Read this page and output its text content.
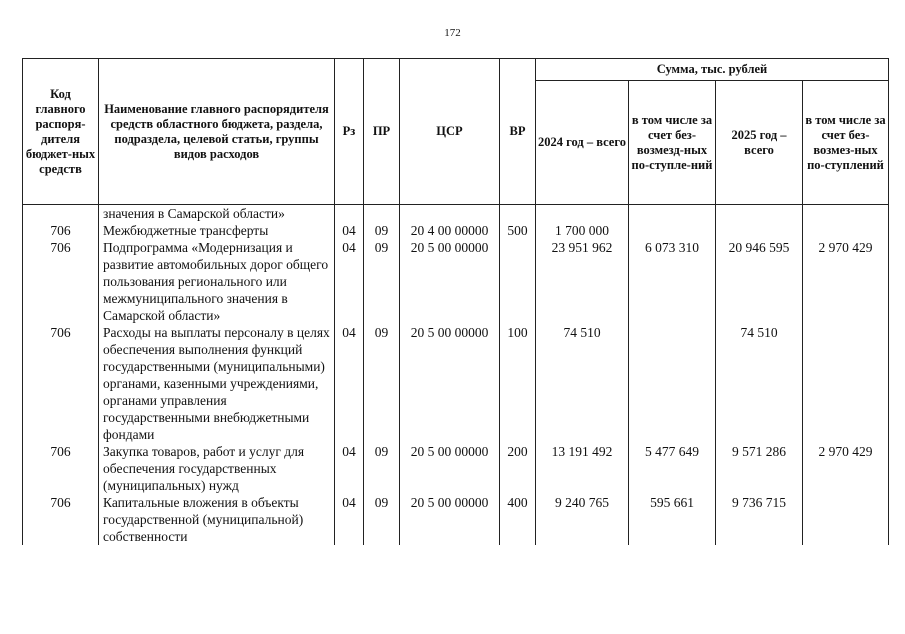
172
Код главного распоря-дителя бюджет-ных средств	Наименование главного распорядителя средств областного бюджета, раздела, подраздела, целевой статьи, группы видов расходов	Рз	ПР	ЦСР	ВР	Сумма, тыс. рублей			
						2024 год – всего	в том числе за счет без-возмезд-ных по-ступле-ний	2025 год – всего	в том числе за счет без-возмез-ных по-ступлений
	значения в Самарской области»								
706	Межбюджетные трансферты	04	09	20 4 00 00000	500	1 700 000			
706	Подпрограмма «Модернизация и развитие автомобильных дорог общего пользования регионального или межмуниципального значения в Самарской области»	04	09	20 5 00 00000		23 951 962	6 073 310	20 946 595	2 970 429
706	Расходы на выплаты персоналу в целях обеспечения выполнения функций государственными (муниципальными) органами, казенными учреждениями, органами управления государственными внебюджетными фондами	04	09	20 5 00 00000	100	74 510		74 510	
706	Закупка товаров, работ и услуг для обеспечения государственных (муниципальных) нужд	04	09	20 5 00 00000	200	13 191 492	5 477 649	9 571 286	2 970 429
706	Капитальные вложения в объекты государственной (муниципальной) собственности	04	09	20 5 00 00000	400	9 240 765	595 661	9 736 715	
